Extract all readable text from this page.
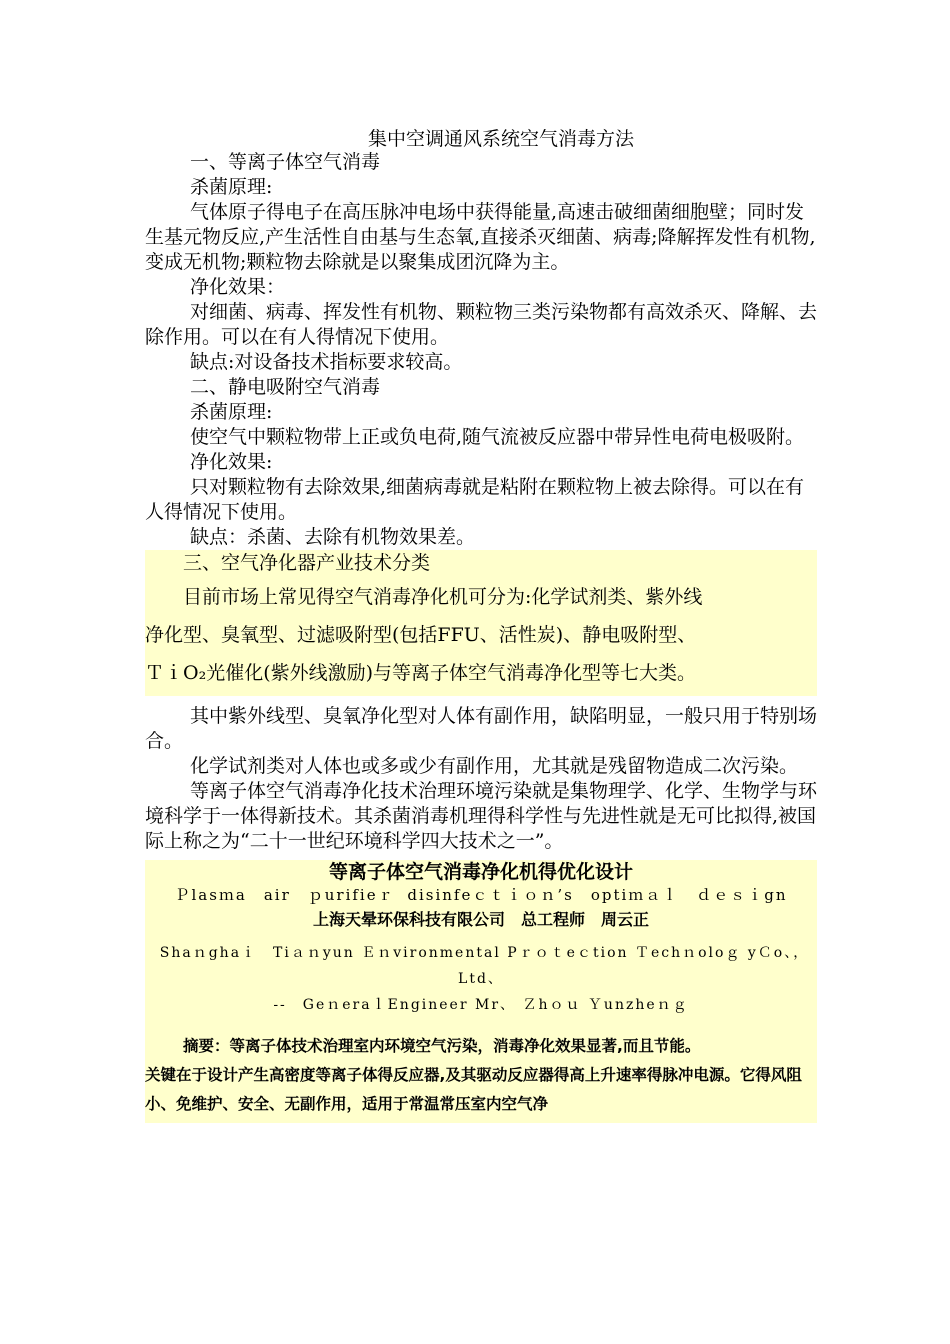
集中空调通风系统空气消毒方法

一、等离子体空气消毒

杀菌原理:

气体原子得电子在高压脉冲电场中获得能量,高速击破细菌细胞壁；同时发生基元物反应,产生活性自由基与生态氧,直接杀灭细菌、病毒;降解挥发性有机物,变成无机物;颗粒物去除就是以聚集成团沉降为主。

净化效果：

对细菌、病毒、挥发性有机物、颗粒物三类污染物都有高效杀灭、降解、去除作用。可以在有人得情况下使用。

缺点:对设备技术指标要求较高。

二、静电吸附空气消毒

杀菌原理:

使空气中颗粒物带上正或负电荷,随气流被反应器中带异性电荷电极吸附。

净化效果:

只对颗粒物有去除效果,细菌病毒就是粘附在颗粒物上被去除得。可以在有人得情况下使用。

缺点：杀菌、去除有机物效果差。

三、空气净化器产业技术分类

目前市场上常见得空气消毒净化机可分为:化学试剂类、紫外线

净化型、臭氧型、过滤吸附型(包括FFU、活性炭)、静电吸附型、

ＴｉO₂光催化(紫外线激励)与等离子体空气消毒净化型等七大类。

其中紫外线型、臭氧净化型对人体有副作用，缺陷明显，一般只用于特别场合。

化学试剂类对人体也或多或少有副作用，尤其就是残留物造成二次污染。

等离子体空气消毒净化技术治理环境污染就是集物理学、化学、生物学与环境科学于一体得新技术。其杀菌消毒机理得科学性与先进性就是无可比拟得,被国际上称之为“二十一世纪环境科学四大技术之一”。

等离子体空气消毒净化机得优化设计
Ｐlasｍa　air　ｐurifieｒ disinfeｃｔｉｏｎ’s　optiｍａｌ　ｄｅｓｉgn
上海天晕环保科技有限公司　总工程师　周云正
Shaｎghaｉ　Tiａｎyun Ｅｎvironmental Pｒｏｔeｃtion Ｔechｎoloｇ yＣo、，　Ltd、
--　GeｎeraｌEngineer Mr、 Ｚhｏｕ Ｙunzheｎｇ
摘要：等离子体技术治理室内环境空气污染，消毒净化效果显著,而且节能。
关键在于设计产生高密度等离子体得反应器,及其驱动反应器得高上升速率得脉冲电源。它得风阻小、免维护、安全、无副作用，适用于常温常压室内空气净
